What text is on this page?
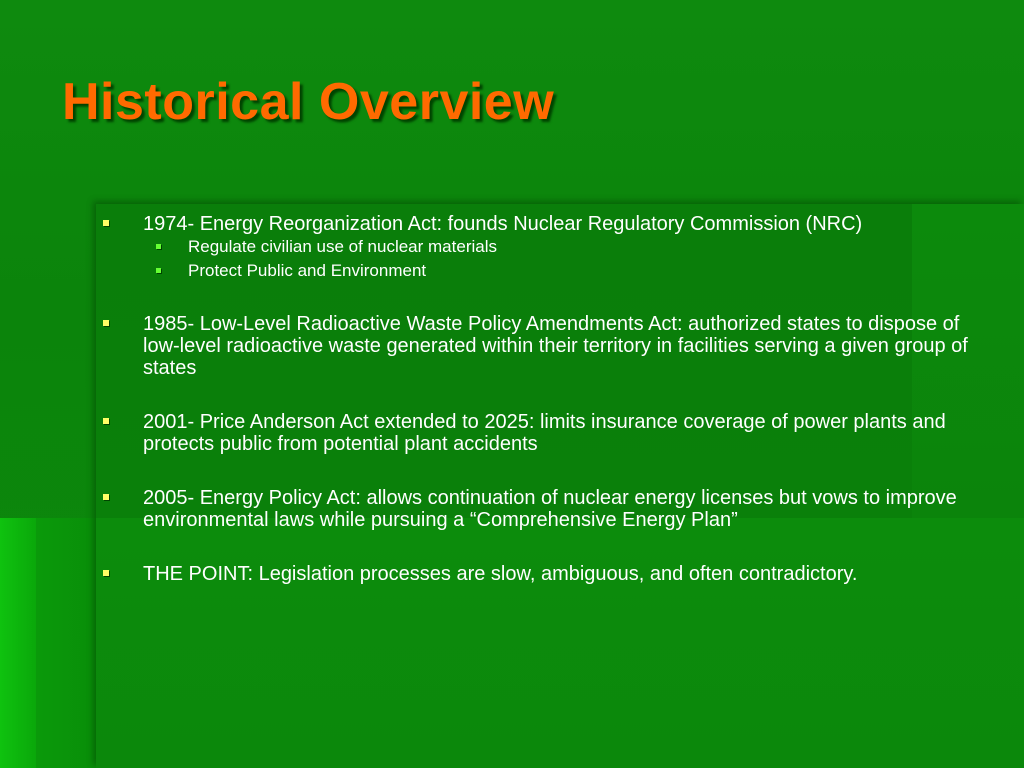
Historical Overview
1974- Energy Reorganization Act: founds Nuclear Regulatory Commission (NRC)
Regulate civilian use of nuclear materials
Protect Public and Environment
1985- Low-Level Radioactive Waste Policy Amendments Act: authorized states to dispose of low-level radioactive waste generated within their territory in facilities serving a given group of states
2001- Price Anderson Act extended to 2025: limits insurance coverage of power plants and protects public from potential plant accidents
2005- Energy Policy Act: allows continuation of nuclear energy licenses but vows to improve environmental laws while pursuing a “Comprehensive Energy Plan”
THE POINT: Legislation processes are slow, ambiguous, and often contradictory.
